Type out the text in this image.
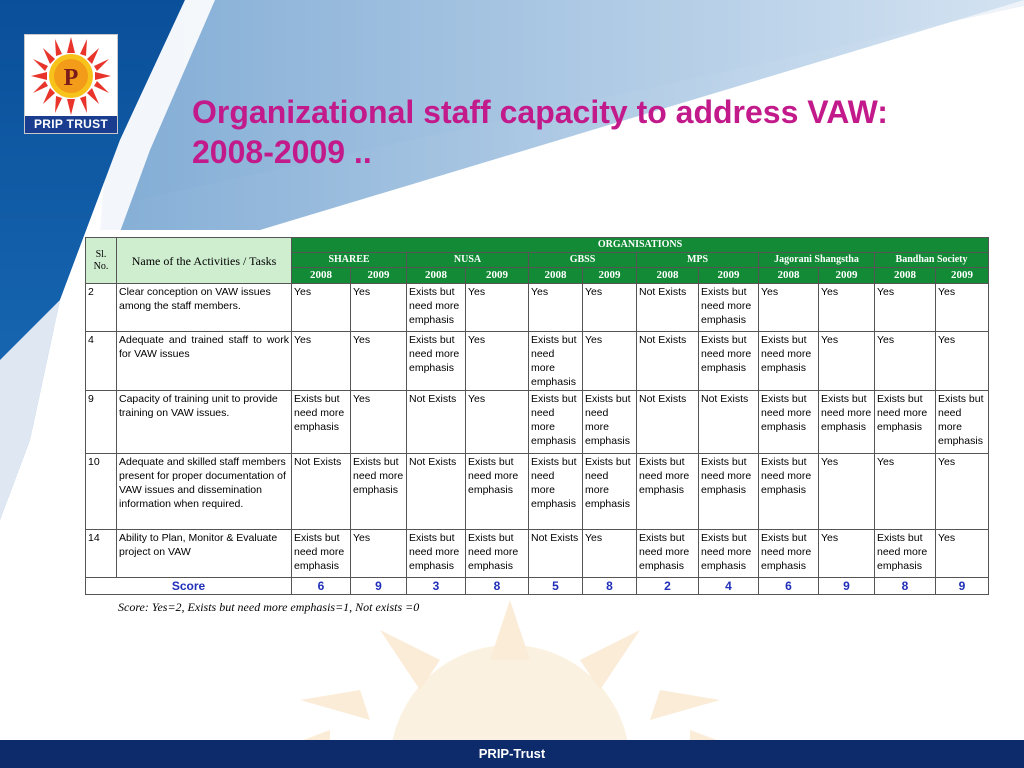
P
PRIP TRUST	Organizational staff capacity to address VAW:
2008-2009 ..
Sl. No.	Name of the Activities / Tasks	ORGANISATIONS											
		SHAREE		NUSA		GBSS		MPS		Jagorani Shangstha		Bandhan Society	
		2008	2009	2008	2009	2008	2009	2008	2009	2008	2009	2008	2009
2	Clear conception on VAW issues among the staff members.	Yes	Yes	Exists but need more emphasis	Yes	Yes	Yes	Not Exists	Exists but need more emphasis	Yes	Yes	Yes	Yes
4	Adequate and trained staff to work for VAW issues	Yes	Yes	Exists but need more emphasis	Yes	Exists but need more emphasis	Yes	Not Exists	Exists but need more emphasis	Exists but need more emphasis	Yes	Yes	Yes
9	Capacity of training unit to provide training on VAW issues.	Exists but need more emphasis	Yes	Not Exists	Yes	Exists but need more emphasis	Exists but need more emphasis	Not Exists	Not Exists	Exists but need more emphasis	Exists but need more emphasis	Exists but need more emphasis	Exists but need more emphasis
10	Adequate and skilled staff members present for proper documentation of VAW issues and dissemination information when required.	Not Exists	Exists but need more emphasis	Not Exists	Exists but need more emphasis	Exists but need more emphasis	Exists but need more emphasis	Exists but need more emphasis	Exists but need more emphasis	Exists but need more emphasis	Yes	Yes	Yes
14	Ability to Plan, Monitor & Evaluate project on VAW	Exists but need more emphasis	Yes	Exists but need more emphasis	Exists but need more emphasis	Not Exists	Yes	Exists but need more emphasis	Exists but need more emphasis	Exists but need more emphasis	Yes	Exists but need more emphasis	Yes
Score		6	9	3	8	5	8	2	4	6	9	8	9
Score: Yes=2, Exists but need more emphasis=1, Not exists =0
PRIP-Trust
